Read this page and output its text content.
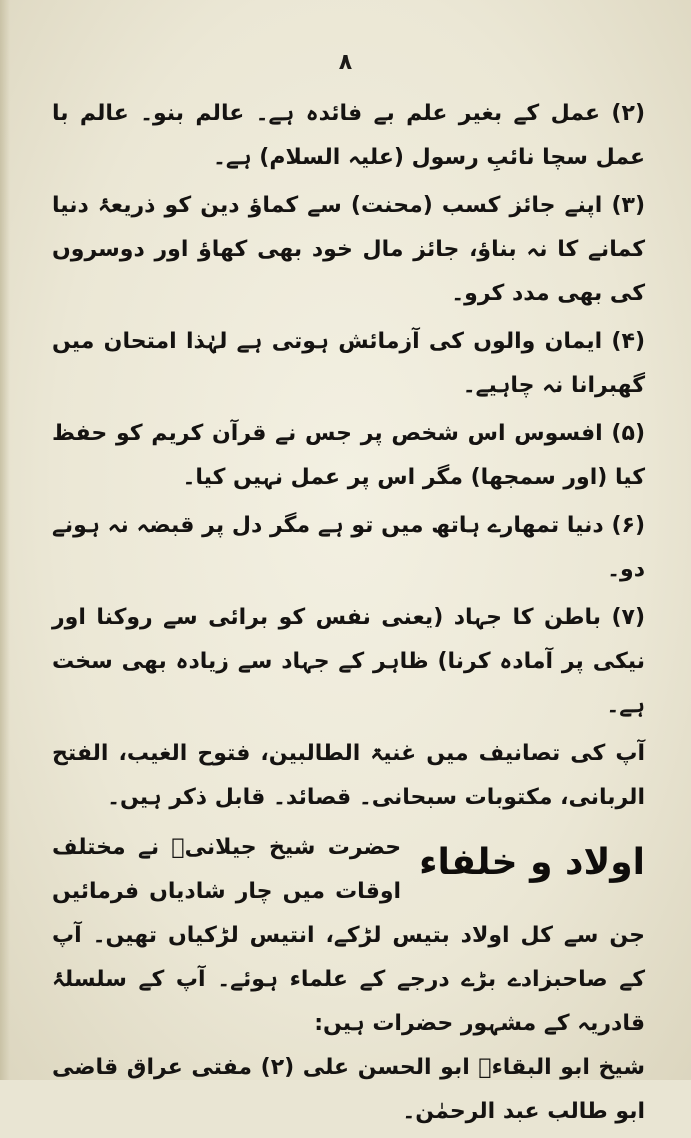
۸

(۲) عمل کے بغیر علم بے فائدہ ہے۔ عالم بنو۔ عالم با عمل سچا نائبِ رسول (علیہ السلام) ہے۔

(۳) اپنے جائز کسب (محنت) سے کماؤ دین کو ذریعۂ دنیا کمانے کا نہ بناؤ، جائز مال خود بھی کھاؤ اور دوسروں کی بھی مدد کرو۔

(۴) ایمان والوں کی آزمائش ہوتی ہے لہٰذا امتحان میں گھبرانا نہ چاہیے۔

(۵) افسوس اس شخص پر جس نے قرآن کریم کو حفظ کیا (اور سمجھا) مگر اس پر عمل نہیں کیا۔

(۶) دنیا تمھارے ہاتھ میں تو ہے مگر دل پر قبضہ نہ ہونے دو۔

(۷) باطن کا جہاد (یعنی نفس کو برائی سے روکنا اور نیکی پر آمادہ کرنا) ظاہر کے جہاد سے زیادہ بھی سخت ہے۔

آپ کی تصانیف میں غنیۃ الطالبین، فتوح الغیب، الفتح الربانی، مکتوبات سبحانی۔ قصائد۔ قابل ذکر ہیں۔

اولاد و خلفاء
حضرت شیخ جیلانیؒ نے مختلف اوقات میں چار شادیاں فرمائیں جن سے کل اولاد بتیس لڑکے، انتیس لڑکیاں تھیں۔ آپ کے صاحبزادے بڑے درجے کے علماء ہوئے۔ آپ کے سلسلۂ قادریہ کے مشہور حضرات ہیں:

شیخ ابو البقاءؒ ابو الحسن علی (۲) مفتی عراق قاضی ابو طالب عبد الرحمٰن۔
